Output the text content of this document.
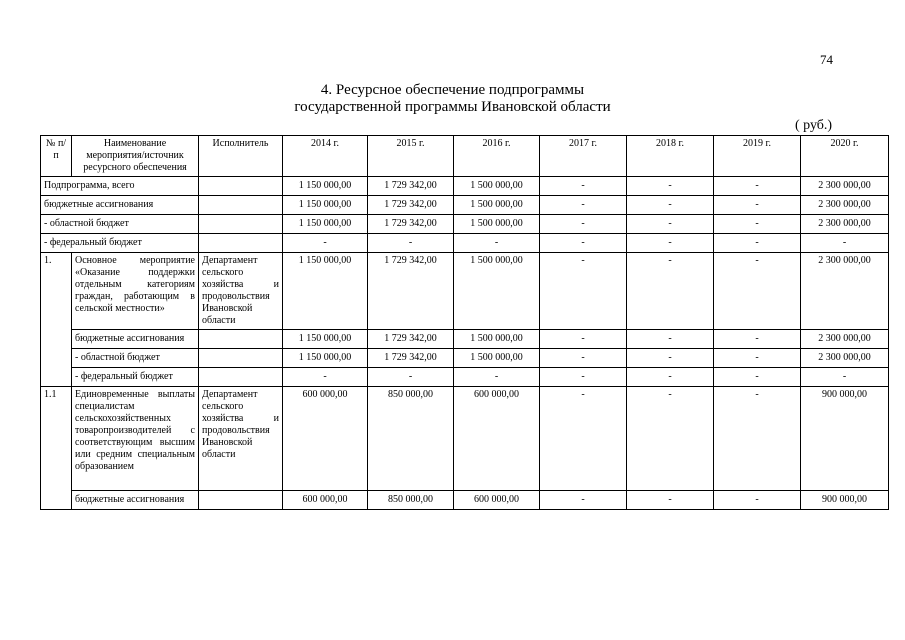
74
4. Ресурсное обеспечение подпрограммы
государственной программы Ивановской области
( руб.)
№ п/п	Наименование мероприятия/источник ресурсного обеспечения	Исполнитель	2014 г.	2015 г.	2016 г.	2017 г.	2018 г.	2019 г.	2020 г.
Подпрограмма, всего			1 150 000,00	1 729 342,00	1 500 000,00	-	-	-	2 300 000,00
бюджетные ассигнования			1 150 000,00	1 729 342,00	1 500 000,00	-	-	-	2 300 000,00
- областной бюджет			1 150 000,00	1 729 342,00	1 500 000,00	-	-	-	2 300 000,00
- федеральный бюджет			-	-	-	-	-	-	-
1.	Основное мероприятие «Оказание поддержки отдельным категориям граждан, работающим в сельской местности»	Департамент сельского хозяйства и продовольствия Ивановской области	1 150 000,00	1 729 342,00	1 500 000,00	-	-	-	2 300 000,00
	бюджетные ассигнования		1 150 000,00	1 729 342,00	1 500 000,00	-	-	-	2 300 000,00
	- областной бюджет		1 150 000,00	1 729 342,00	1 500 000,00	-	-	-	2 300 000,00
	- федеральный бюджет		-	-	-	-	-	-	-
1.1	Единовременные выплаты специалистам сельскохозяйственных товаропроизводителей с соответствующим высшим или средним специальным образованием	Департамент сельского хозяйства и продовольствия Ивановской области	600 000,00	850 000,00	600 000,00	-	-	-	900 000,00
	бюджетные ассигнования		600 000,00	850 000,00	600 000,00	-	-	-	900 000,00
